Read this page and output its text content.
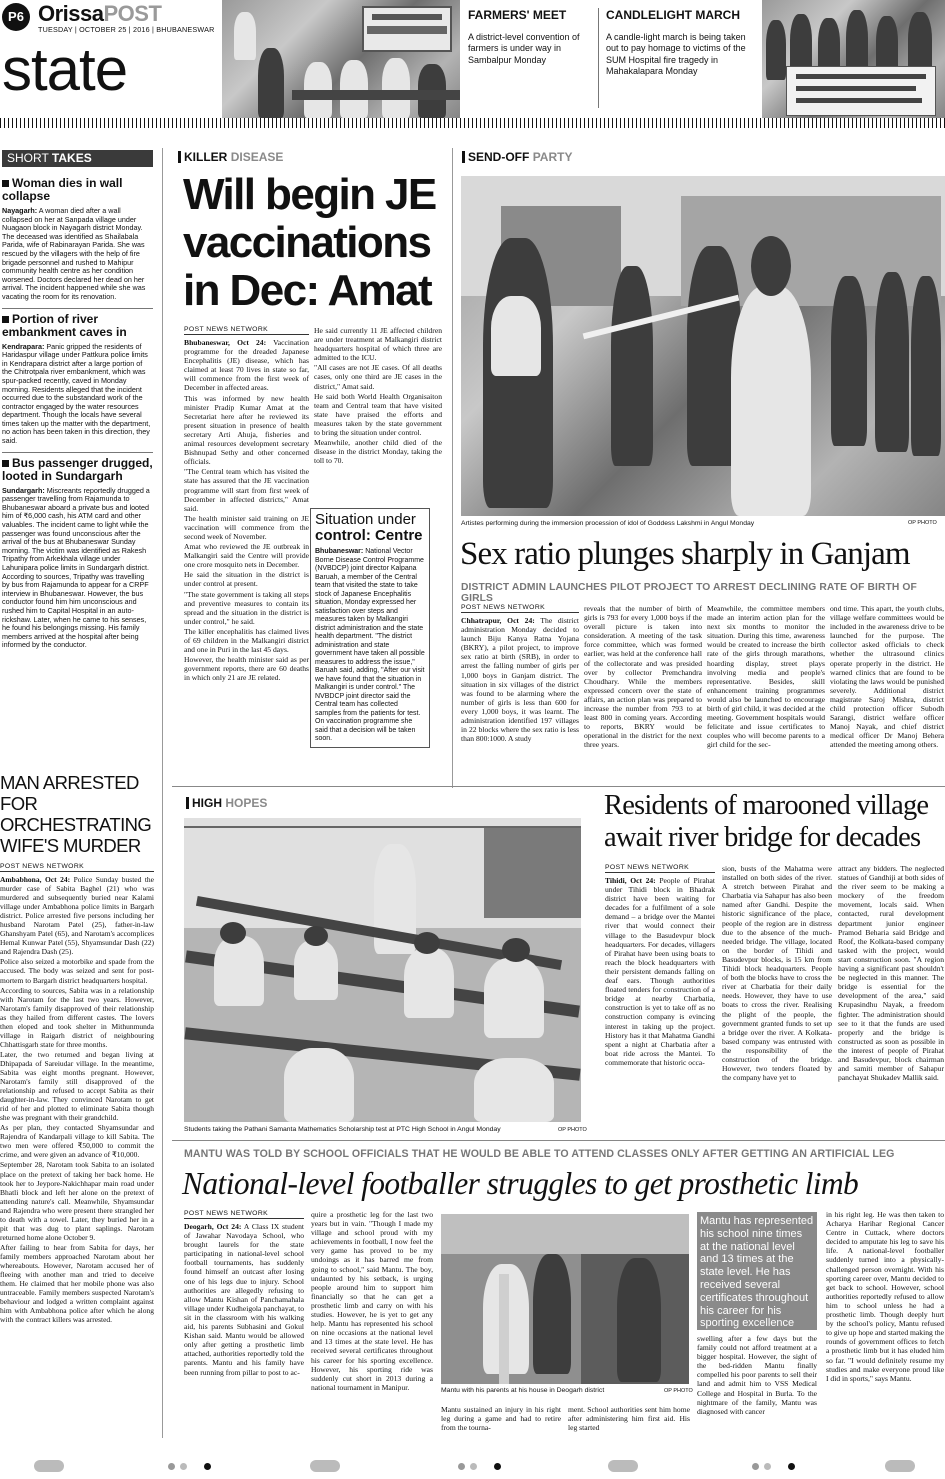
P6 OrissaPOST
TUESDAY | OCTOBER 25 | 2016 | BHUBANESWAR
state
FARMERS' MEET
A district-level convention of farmers is under way in Sambalpur Monday
CANDLELIGHT MARCH
A candle-light march is being taken out to pay homage to victims of the SUM Hospital fire tragedy in Mahakalapara Monday
SHORT TAKES
Woman dies in wall collapse
Nayagarh: A woman died after a wall collapsed on her at Sanpada village under Nuagaon block in Nayagarh district Monday. The deceased was identified as Shailabala Parida, wife of Rabinarayan Parida. She was rescued by the villagers with the help of fire brigade personnel and rushed to Mahipur community health centre as her condition worsened. Doctors declared her dead on her arrival. The incident happened while she was vacating the room for its renovation.
Portion of river embankment caves in
Kendrapara: Panic gripped the residents of Haridaspur village under Pattkura police limits in Kendrapara district after a large portion of the Chitrotpala river embankment, which was spur-packed recently, caved in Monday morning. Residents alleged that the incident occurred due to the substandard work of the contractor engaged by the water resources department. Though the locals have several times taken up the matter with the department, no action has been taken in this direction, they said.
Bus passenger drugged, looted in Sundargarh
Sundargarh: Miscreants reportedly drugged a passenger travelling from Rajamunda to Bhubaneswar aboard a private bus and looted him of ₹6,000 cash, his ATM card and other valuables. The incident came to light while the passenger was found unconscious after the arrival of the bus at Bhubaneswar Sunday morning. The victim was identified as Rakesh Tripathy from Arkekhala village under Lahunipara police limits in Sundargarh district. According to sources, Tripathy was travelling by bus from Rajamunda to appear for a CRPF interview in Bhubaneswar. However, the bus conductor found him him unconscious and rushed him to Capital Hospital in an auto-rickshaw. Later, when he came to his senses, he found his belongings missing. His family members arrived at the hospital after being informed by the conductor.
MAN ARRESTED FOR ORCHESTRATING WIFE'S MURDER
POST NEWS NETWORK

Ambabhona, Oct 24: Police Sunday busted the murder case of Sabita Baghel (21) who was murdered and subsequently buried near Kalami village under Ambabhona police limits in Bargarh district. Police arrested five persons including her husband Narotam Patel (25), father-in-law Ghanshyam Patel (65), and Narotam's accomplices Hemal Kunwar Patel (55), Shyamsundar Dash (22) and Rajendra Dash (25).

Police also seized a motorbike and spade from the accused. The body was seized and sent for post-mortem to Bargarh district headquarters hospital.

According to sources, Sabita was in a relationship with Narotam for the last two years. However, Narotam's family disapproved of their relationship as they hailed from different castes. The lovers then eloped and took shelter in Mithunmunda village in Raigarh district of neighbouring Chhattisgarh state for three months.

Later, the two returned and began living at Dhipapada of Sareiudar village. In the meantime, Sabita was eight months pregnant. However, Narotam's family still disapproved of the relationship and refused to accept Sabita as their daughter-in-law. They convinced Narotam to get rid of her and plotted to eliminate Sabita though she was pregnant with their grandchild.

As per plan, they contacted Shyamsundar and Rajendra of Kandarpali village to kill Sabita. The two men were offered ₹50,000 to commit the crime, and were given an advance of ₹10,000.

September 28, Narotam took Sabita to an isolated place on the pretext of taking her back home. He took her to Jeypore-Nakichhapar main road under Bhatli block and left her alone on the pretext of attending nature's call. Meanwhile, Shyamsundar and Rajendra who were present there strangled her to death with a towel. Later, they buried her in a pit that was dug to plant saplings. Narotam returned home alone October 9.

After failing to hear from Sabita for days, her family members approached Narotam about her whereabouts. However, Narotam accused her of fleeing with another man and tried to deceive them. He claimed that her mobile phone was also untraceable. Family members suspected Narotam's behaviour and lodged a written complaint against him with Ambabhona police after which he along with the contract killers was arrested.

KILLER DISEASE
Will begin JE vaccinations in Dec: Amat
POST NEWS NETWORK

Bhubaneswar, Oct 24: Vaccination programme for the dreaded Japanese Encephalitis (JE) disease, which has claimed at least 70 lives in state so far, will commence from the first week of December in affected areas.

This was informed by new health minister Pradip Kumar Amat at the Secretariat here after he reviewed its present situation in presence of health secretary Arti Ahuja, fisheries and animal resources development secretary Bishnupad Sethy and other concerned officials.

"The Central team which has visited the state has assured that the JE vaccination programme will start from first week of December in affected districts," Amat said.

The health minister said training on JE vaccination will commence from the second week of November.

Amat who reviewed the JE outbreak in Malkangiri said the Centre will provide one crore mosquito nets in December.

He said the situation in the district is under control at present.

"The state government is taking all steps and preventive measures to contain its spread and the situation in the district is under control," he said.

The killer encephalitis has claimed lives of 69 children in the Malkangiri district and one in Puri in the last 45 days.

However, the health minister said as per government reports, there are 60 deaths in which only 21 are JE related.

He said currently 11 JE affected children are under treatment at Malkangiri district headquarters hospital of which three are admitted to the ICU.

"All cases are not JE cases. Of all deaths cases, only one third are JE cases in the district," Amat said.

He said both World Health Organisaiton team and Central team that have visited state have praised the efforts and measures taken by the state government to bring the situation under control.

Meanwhile, another child died of the disease in the district Monday, taking the toll to 70.

Situation under
control: Centre
Bhubaneswar: National Vector Borne Disease Control Programme (NVBDCP) joint director Kalpana Baruah, a member of the Central team that visited the state to take stock of Japanese Encephalitis situation, Monday expressed her satisfaction over steps and measures taken by Malkangiri district administration and the state health department. "The district administration and state government have taken all possible measures to address the issue," Baruah said, adding, "After our visit we have found that the situation in Malkangiri is under control." The NVBDCP joint director said the Central team has collected samples from the patients for test. On vaccination programme she said that a decision will be taken soon.
SEND-OFF PARTY
Artistes performing during the immersion procession of idol of Goddess Lakshmi in Angul Monday	OP PHOTO
Sex ratio plunges sharply in Ganjam
DISTRICT ADMIN LAUNCHES PILOT PROJECT TO ARREST DECLINING RATE OF BIRTH OF GIRLS
POST NEWS NETWORK
Chhatrapur, Oct 24: The district administration Monday decided to launch Biju Kanya Ratna Yojana (BKRY), a pilot project, to improve sex ratio at birth (SRB), in order to arrest the falling number of girls per 1,000 boys in Ganjam district. The situation in six villages of the district was found to be alarming where the number of girls is less than 600 for every 1,000 boys, it was learnt. The administration identified 197 villages in 22 blocks where the sex ratio is less than 800:1000. A study
reveals that the number of birth of girls is 793 for every 1,000 boys if the overall picture is taken into consideration. A meeting of the task force committee, which was formed earlier, was held at the conference hall of the collectorate and was presided over by collector Premchandra Choudhary. While the members expressed concern over the state of affairs, an action plan was prepared to increase the number from 793 to at least 800 in coming years. According to reports, BKRY would be operational in the district for the next three years.
Meanwhile, the committee members made an interim action plan for the next six months to monitor the situation. During this time, awareness would be created to increase the birth rate of the girls through marathons, hoarding display, street plays involving media and people's representative. Besides, skill enhancement training programmes would also be launched to encourage birth of girl child, it was decided at the meeting. Government hospitals would felicitate and issue certificates to couples who will become parents to a girl child for the sec-
ond time. This apart, the youth clubs, village welfare committees would be included in the awareness drive to be launched for the purpose. The collector asked officials to check whether the ultrasound clinics operate properly in the district. He warned clinics that are found to be violating the laws would be punished severely. Additional district magistrate Saroj Mishra, district child protection officer Subodh Sarangi, district welfare officer Manoj Nayak, and chief district medical officer Dr Manoj Behera attended the meeting among others.
HIGH HOPES
Students taking the Pathani Samanta Mathematics Scholarship test at PTC High School in Angul Monday	OP PHOTO
Residents of marooned village await river bridge for decades
POST NEWS NETWORK
Tihidi, Oct 24: People of Pirahat under Tihidi block in Bhadrak district have been waiting for decades for a fulfilment of a sole demand – a bridge over the Mantei river that would connect their village to the Basudevpur block headquarters. For decades, villagers of Pirahat have been using boats to reach the block headquarters with their persistent demands falling on deaf ears. Though authorities floated tenders for construction of a bridge at nearby Charbatia, construction is yet to take off as no construction company is evincing interest in taking up the project. History has it that Mahatma Gandhi spent a night at Charbatia after a boat ride across the Mantei. To commemorate that historic occa-
sion, busts of the Mahatma were installed on both sides of the river. A stretch between Pirahat and Charbatia via Sahapur has also been named after Gandhi. Despite the historic significance of the place, people of the region are in distress due to the absence of the much-needed bridge. The village, located on the border of Tihidi and Basudevpur blocks, is 15 km from Tihidi block headquarters. People of both the blocks have to cross the river at Charbatia for their daily needs. However, they have to use boats to cross the river. Realising the plight of the people, the government granted funds to set up a bridge over the river. A Kolkata-based company was entrusted with the responsibility of the construction of the bridge. However, two tenders floated by the company have yet to
attract any bidders. The neglected statues of Gandhiji at both sides of the river seem to be making a mockery of the freedom movement, locals said. When contacted, rural development department junior engineer Pramod Beharia said Bridge and Roof, the Kolkata-based company tasked with the project, would start construction soon. "A region having a significant past shouldn't be neglected in this manner. The bridge is essential for the development of the area," said Krupasindhu Nayak, a freedom fighter. The administration should see to it that the funds are used properly and the bridge is constructed as soon as possible in the interest of people of Pirahat and Basudevpur, block chairman and samiti member of Sahapur panchayat Shukadev Mallik said.
MANTU WAS TOLD BY SCHOOL OFFICIALS THAT HE WOULD BE ABLE TO ATTEND CLASSES ONLY AFTER GETTING AN ARTIFICIAL LEG
National-level footballer struggles to get prosthetic limb
POST NEWS NETWORK
Deogarh, Oct 24: A Class IX student of Jawahar Navodaya School, who brought laurels for the state participating in national-level school football tournaments, has suddenly found himself an outcast after losing one of his legs due to injury. School authorities are allegedly refusing to allow Mantu Kishan of Panchamahala village under Kudheigola panchayat, to sit in the classroom with his walking aid, his parents Subhasini and Gokul Kishan said. Mantu would be allowed only after getting a prosthetic limb attached, authorities reportedly told the parents. Mantu and his family have been running from pillar to post to ac-
quire a prosthetic leg for the last two years but in vain. "Though I made my village and school proud with my achievements in football, I now feel the very game has proved to be my undoings as it has barred me from going to school," said Mantu. The boy, undaunted by his setback, is urging people around him to support him financially so that he can get a prosthetic limb and carry on with his studies. However, he is yet to get any help. Mantu has represented his school on nine occasions at the national level and 13 times at the state level. He has received several certificates throughout his career for his sporting excellence. However, his sporting ride was suddenly cut short in 2013 during a national tournament in Manipur.	Mantu with his parents at his house in Deogarh district	OP PHOTO
Mantu sustained an injury in his right leg during a game and had to retire from the tourna-
ment. School authorities sent him home after administering him first aid. His leg started
Mantu has represented his school nine times at the national level and 13 times at the state level. He has received several certificates throughout his career for his sporting excellence
swelling after a few days but the family could not afford treatment at a bigger hospital. However, the sight of the bed-ridden Mantu finally compelled his poor parents to sell their land and admit him to VSS Medical College and Hospital in Burla. To the nightmare of the family, Mantu was diagnosed with cancer
in his right leg. He was then taken to Acharya Harihar Regional Cancer Centre in Cuttack, where doctors decided to amputate his leg to save his life. A national-level footballer suddenly turned into a physically-challenged person overnight. With his sporting career over, Mantu decided to get back to school. However, school authorities reportedly refused to allow him to school unless he had a prosthetic limb. Though deeply hurt by the school's policy, Mantu refused to give up hope and started making the rounds of government offices to fetch a prosthetic limb but it has eluded him so far. "I would definitely resume my studies and make everyone proud like I did in sports," says Mantu.
